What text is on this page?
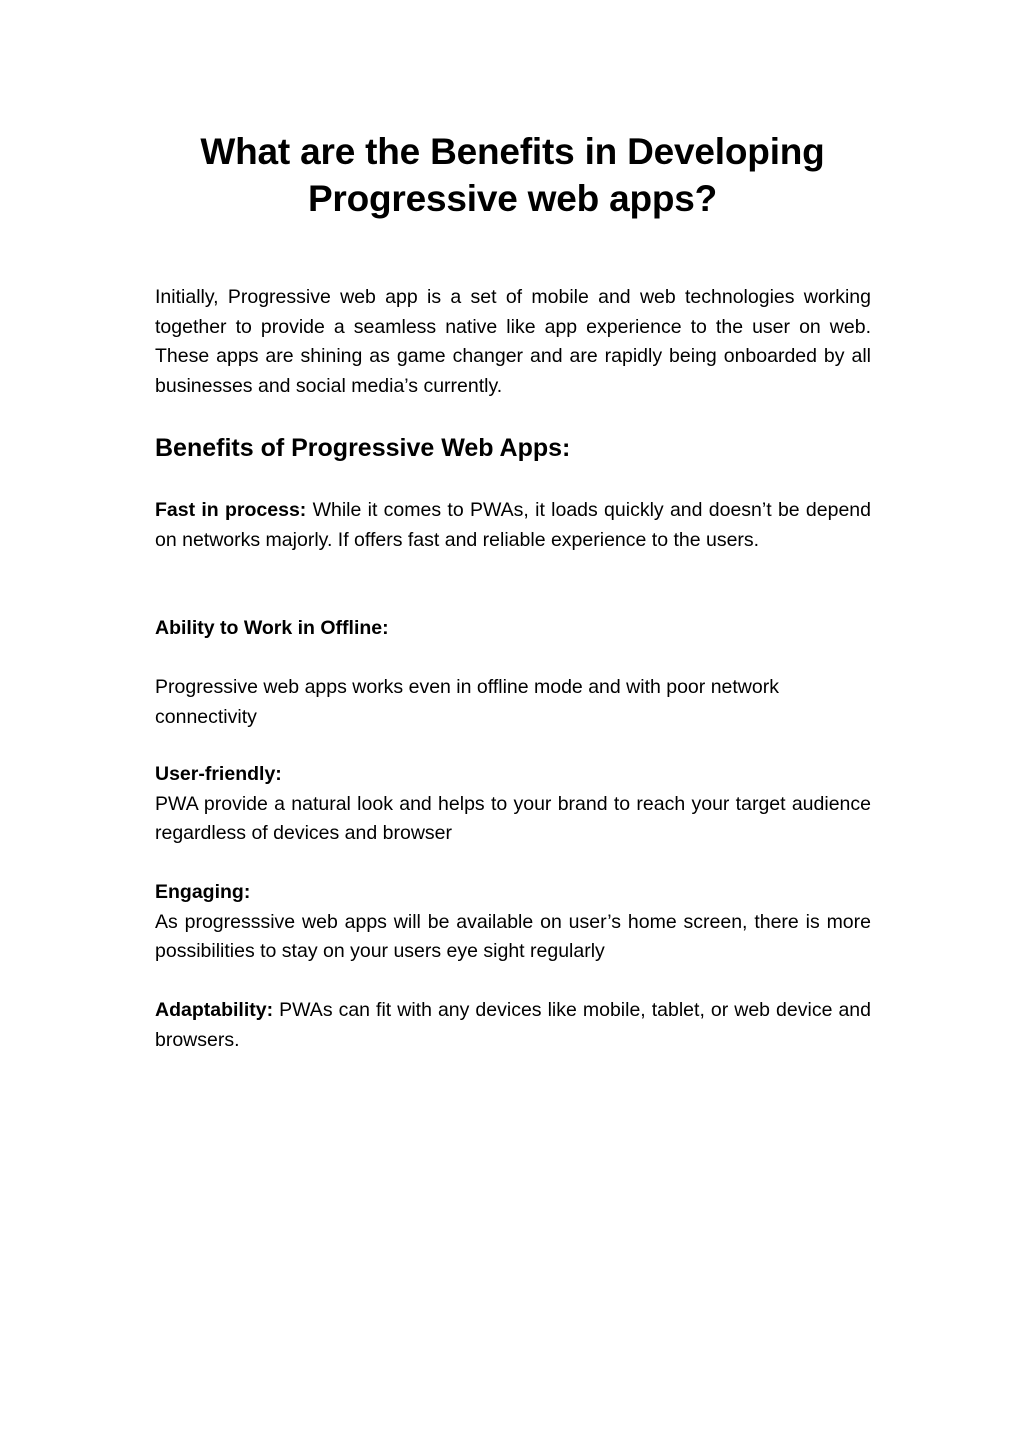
What are the Benefits in Developing
Progressive web apps?

Initially, Progressive web app is a set of mobile and web technologies working together to provide a seamless native like app experience to the user on web. These apps are shining as game changer and are rapidly being onboarded by all businesses and social media’s currently.

Benefits of Progressive Web Apps:

Fast in process: While it comes to PWAs, it loads quickly and doesn’t be depend on networks majorly. If offers fast and reliable experience to the users.

Ability to Work in Offline:

Progressive web apps works even in offline mode and with poor network connectivity

User-friendly:

PWA provide a natural look and helps to your brand to reach your target audience regardless of devices and browser

Engaging:

As progresssive web apps will be available on user’s home screen, there is more possibilities to stay on your users eye sight regularly

Adaptability: PWAs can fit with any devices like mobile, tablet, or web device and browsers.
